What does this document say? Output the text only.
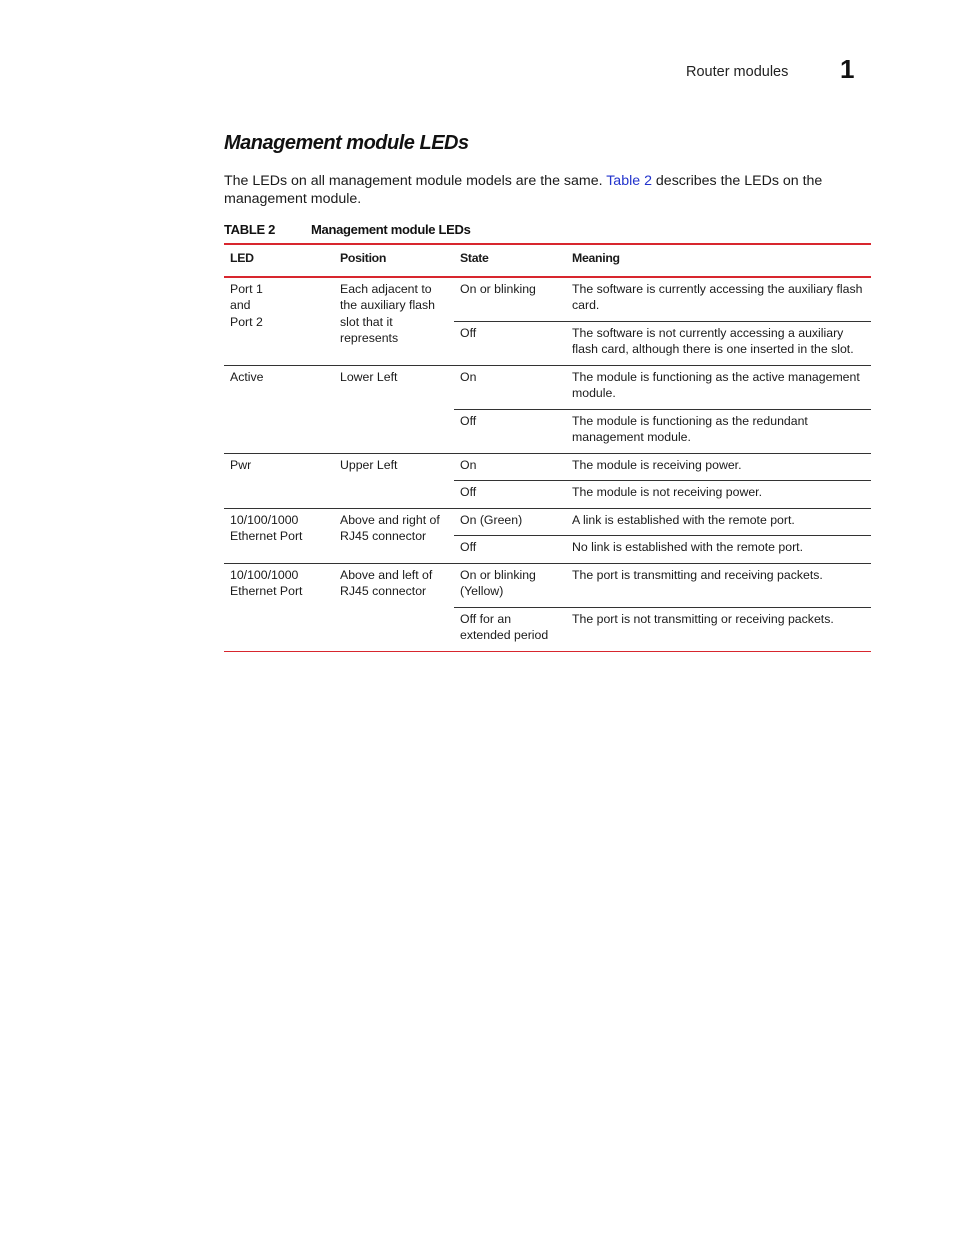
Router modules 1
Management module LEDs
The LEDs on all management module models are the same. Table 2 describes the LEDs on the management module.
TABLE 2	Management module LEDs
LED	Position	State	Meaning
Port 1
and
Port 2	Each adjacent to the auxiliary flash slot that it represents	On or blinking	The software is currently accessing the auxiliary flash card.
		Off	The software is not currently accessing a auxiliary flash card, although there is one inserted in the slot.
Active	Lower Left	On	The module is functioning as the active management module.
		Off	The module is functioning as the redundant management module.
Pwr	Upper Left	On	The module is receiving power.
		Off	The module is not receiving power.
10/100/1000 Ethernet Port	Above and right of RJ45 connector	On (Green)	A link is established with the remote port.
		Off	No link is established with the remote port.
10/100/1000 Ethernet Port	Above and left of RJ45 connector	On or blinking (Yellow)	The port is transmitting and receiving packets.
		Off for an extended period	The port is not transmitting or receiving packets.
